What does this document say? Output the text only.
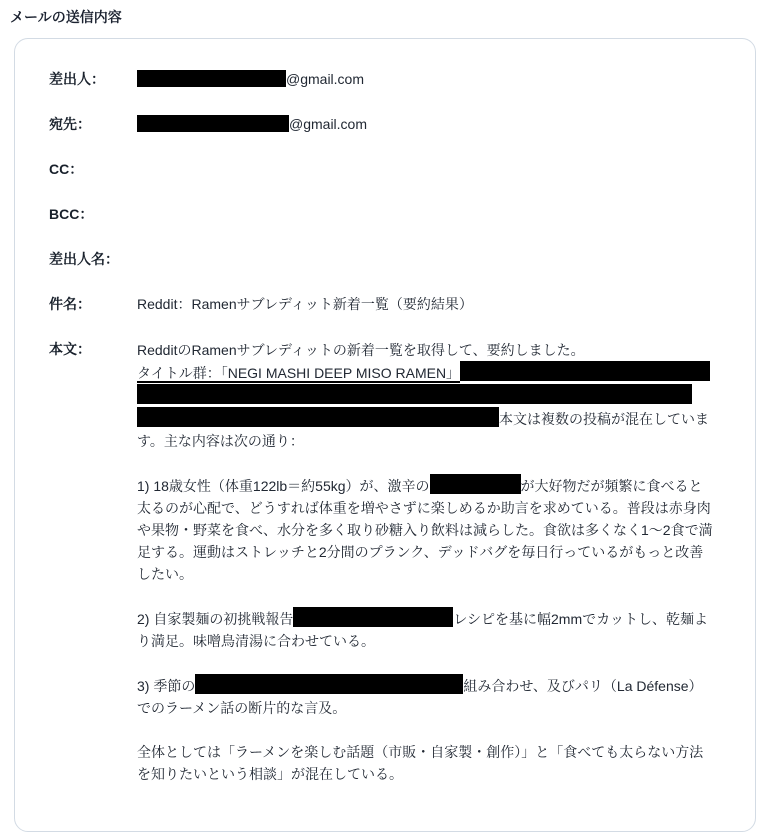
メールの送信内容
差出人：	@gmail.com
宛先：	@gmail.com
CC：
BCC：
差出人名：
件名：	Reddit：Ramenサブレディット新着一覧（要約結果）
本文：	RedditのRamenサブレディットの新着一覧を取得して、要約しました。
タイトル群：「NEGI MASHI DEEP MISO RAMEN」本文は複数の投稿が混在しています。主な内容は次の通り：
1) 18歳女性（体重122lb＝約55kg）が、激辛の	が大好物だが頻繁に食べると太るのが心配で、どうすれば体重を増やさずに楽しめるか助言を求めている。普段は赤身肉や果物・野菜を食べ、水分を多く取り砂糖入り飲料は減らした。食欲は多くなく1〜2食で満足する。運動はストレッチと2分間のプランク、デッドバグを毎日行っているがもっと改善したい。
2) 自家製麺の初挑戦報告	レシピを基に幅2mmでカットし、乾麺より満足。味噌鳥清湯に合わせている。
3) 季節の	組み合わせ、及びパリ（La Défense）でのラーメン話の断片的な言及。
全体としては「ラーメンを楽しむ話題（市販・自家製・創作）」と「食べても太らない方法を知りたいという相談」が混在している。
